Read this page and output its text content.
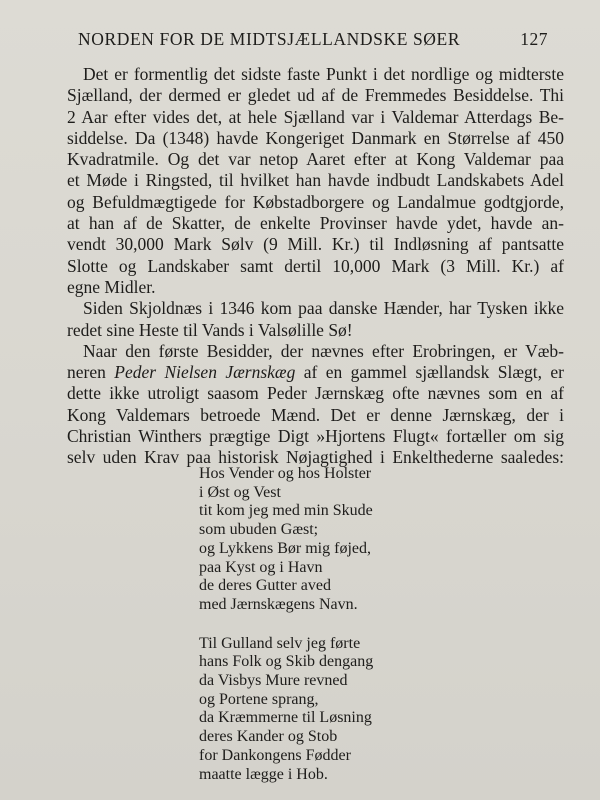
NORDEN FOR DE MIDTSJÆLLANDSKE SØER	127
Det er formentlig det sidste faste Punkt i det nordlige og midterste
Sjælland, der dermed er gledet ud af de Fremmedes Besiddelse. Thi
2 Aar efter vides det, at hele Sjælland var i Valdemar Atterdags Be-
siddelse. Da (1348) havde Kongeriget Danmark en Størrelse af 450
Kvadratmile. Og det var netop Aaret efter at Kong Valdemar paa
et Møde i Ringsted, til hvilket han havde indbudt Landskabets Adel
og Befuldmægtigede for Købstadborgere og Landalmue godtgjorde,
at han af de Skatter, de enkelte Provinser havde ydet, havde an-
vendt 30,000 Mark Sølv (9 Mill. Kr.) til Indløsning af pantsatte
Slotte og Landskaber samt dertil 10,000 Mark (3 Mill. Kr.) af
egne Midler.
Siden Skjoldnæs i 1346 kom paa danske Hænder, har Tysken ikke
redet sine Heste til Vands i Valsølille Sø!
Naar den første Besidder, der nævnes efter Erobringen, er Væb-
neren Peder Nielsen Jærnskæg af en gammel sjællandsk Slægt, er
dette ikke utroligt saasom Peder Jærnskæg ofte nævnes som en af
Kong Valdemars betroede Mænd. Det er denne Jærnskæg, der i
Christian Winthers prægtige Digt »Hjortens Flugt« fortæller om sig
selv uden Krav paa historisk Nøjagtighed i Enkelthederne saaledes:
Hos Vender og hos Holster
i Øst og Vest
tit kom jeg med min Skude
som ubuden Gæst;
og Lykkens Bør mig føjed,
paa Kyst og i Havn
de deres Gutter aved
med Jærnskægens Navn.
Til Gulland selv jeg førte
hans Folk og Skib dengang
da Visbys Mure revned
og Portene sprang,
da Kræmmerne til Løsning
deres Kander og Stob
for Dankongens Fødder
maatte lægge i Hob.
